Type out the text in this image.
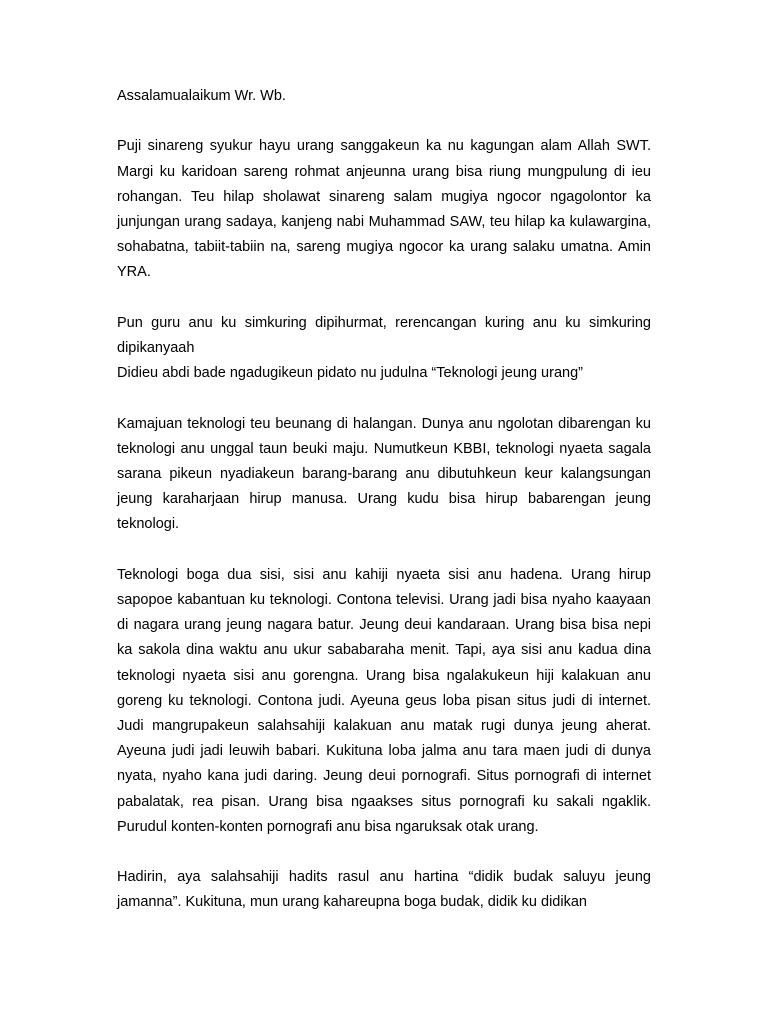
Assalamualaikum Wr. Wb.

Puji sinareng syukur hayu urang sanggakeun ka nu kagungan alam Allah SWT. Margi ku karidoan sareng rohmat anjeunna urang bisa riung mungpulung di ieu rohangan. Teu hilap sholawat sinareng salam mugiya ngocor ngagolontor ka junjungan urang sadaya, kanjeng nabi Muhammad SAW, teu hilap ka kulawargina, sohabatna, tabiit-tabiin na, sareng mugiya ngocor ka urang salaku umatna. Amin YRA.

Pun guru anu ku simkuring dipihurmat, rerencangan kuring anu ku simkuring dipikanyaah

Didieu abdi bade ngadugikeun pidato nu judulna “Teknologi jeung urang”

Kamajuan teknologi teu beunang di halangan. Dunya anu ngolotan dibarengan ku teknologi anu unggal taun beuki maju. Numutkeun KBBI, teknologi nyaeta sagala sarana pikeun nyadiakeun barang-barang anu dibutuhkeun keur kalangsungan jeung karaharjaan hirup manusa. Urang kudu bisa hirup babarengan jeung teknologi.

Teknologi boga dua sisi, sisi anu kahiji nyaeta sisi anu hadena. Urang hirup sapopoe kabantuan ku teknologi. Contona televisi. Urang jadi bisa nyaho kaayaan di nagara urang jeung nagara batur. Jeung deui kandaraan. Urang bisa bisa nepi ka sakola dina waktu anu ukur sababaraha menit. Tapi, aya sisi anu kadua dina teknologi nyaeta sisi anu gorengna. Urang bisa ngalakukeun hiji kalakuan anu goreng ku teknologi. Contona judi. Ayeuna geus loba pisan situs judi di internet. Judi mangrupakeun salahsahiji kalakuan anu matak rugi dunya jeung aherat. Ayeuna judi jadi leuwih babari. Kukituna loba jalma anu tara maen judi di dunya nyata, nyaho kana judi daring. Jeung deui pornografi. Situs pornografi di internet pabalatak, rea pisan. Urang bisa ngaakses situs pornografi ku sakali ngaklik. Purudul konten-konten pornografi anu bisa ngaruksak otak urang.

Hadirin, aya salahsahiji hadits rasul anu hartina “didik budak saluyu jeung jamanna”. Kukituna, mun urang kahareupna boga budak, didik ku didikan
